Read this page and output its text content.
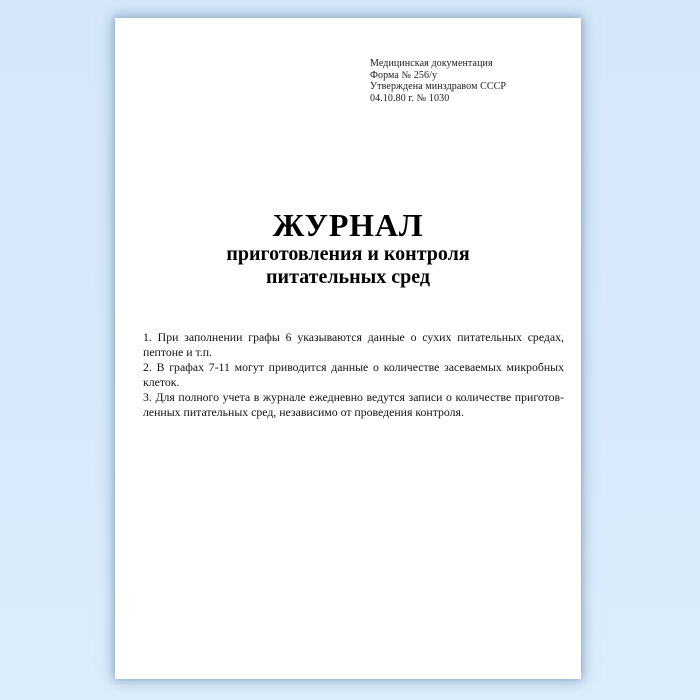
Медицинская документация
Форма № 256/у
Утверждена минздравом СССР
04.10.80 г. № 1030
ЖУРНАЛ
приготовления и контроля
питательных сред
1. При заполнении графы 6 указываются данные о сухих питательных средах,
пептоне и т.п.
2. В графах 7-11 могут приводится данные о количестве засеваемых микробных
клеток.
3. Для полного учета в журнале ежедневно ведутся записи о количестве приготов-
ленных питательных сред, независимо от проведения контроля.
